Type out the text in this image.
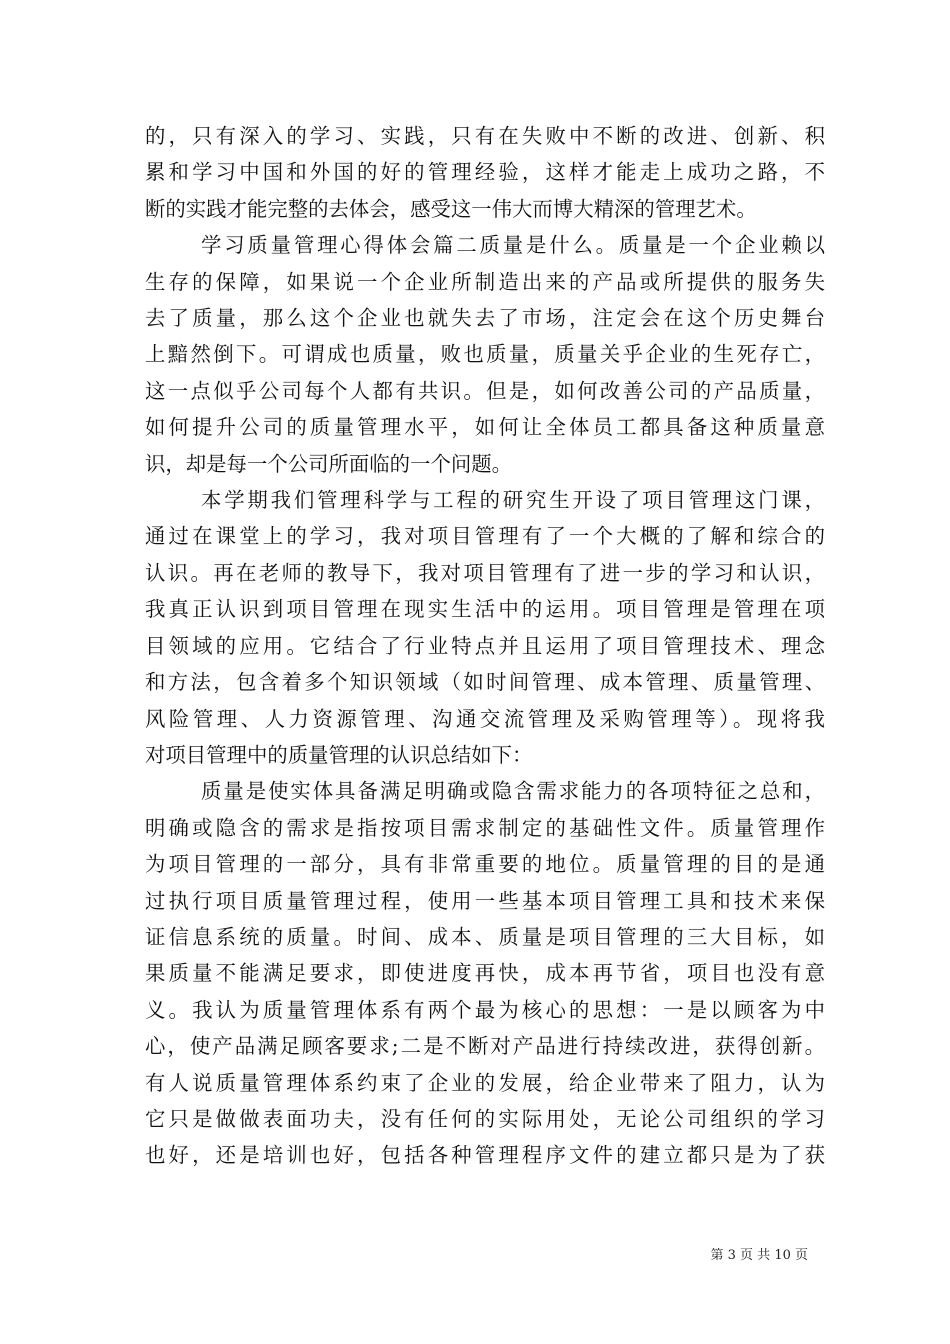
的，只有深入的学习、实践，只有在失败中不断的改进、创新、积
累和学习中国和外国的好的管理经验，这样才能走上成功之路，不
断的实践才能完整的去体会，感受这一伟大而博大精深的管理艺术。

学习质量管理心得体会篇二质量是什么。质量是一个企业赖以
生存的保障，如果说一个企业所制造出来的产品或所提供的服务失
去了质量，那么这个企业也就失去了市场，注定会在这个历史舞台
上黯然倒下。可谓成也质量，败也质量，质量关乎企业的生死存亡，
这一点似乎公司每个人都有共识。但是，如何改善公司的产品质量，
如何提升公司的质量管理水平，如何让全体员工都具备这种质量意
识，却是每一个公司所面临的一个问题。

本学期我们管理科学与工程的研究生开设了项目管理这门课，
通过在课堂上的学习，我对项目管理有了一个大概的了解和综合的
认识。再在老师的教导下，我对项目管理有了进一步的学习和认识，
我真正认识到项目管理在现实生活中的运用。项目管理是管理在项
目领域的应用。它结合了行业特点并且运用了项目管理技术、理念
和方法，包含着多个知识领域（如时间管理、成本管理、质量管理、
风险管理、人力资源管理、沟通交流管理及采购管理等）。现将我
对项目管理中的质量管理的认识总结如下：

质量是使实体具备满足明确或隐含需求能力的各项特征之总和，
明确或隐含的需求是指按项目需求制定的基础性文件。质量管理作
为项目管理的一部分，具有非常重要的地位。质量管理的目的是通
过执行项目质量管理过程，使用一些基本项目管理工具和技术来保
证信息系统的质量。时间、成本、质量是项目管理的三大目标，如
果质量不能满足要求，即使进度再快，成本再节省，项目也没有意
义。我认为质量管理体系有两个最为核心的思想：一是以顾客为中
心，使产品满足顾客要求;二是不断对产品进行持续改进，获得创新。
有人说质量管理体系约束了企业的发展，给企业带来了阻力，认为
它只是做做表面功夫，没有任何的实际用处，无论公司组织的学习
也好，还是培训也好，包括各种管理程序文件的建立都只是为了获

第 3 页 共 10 页
